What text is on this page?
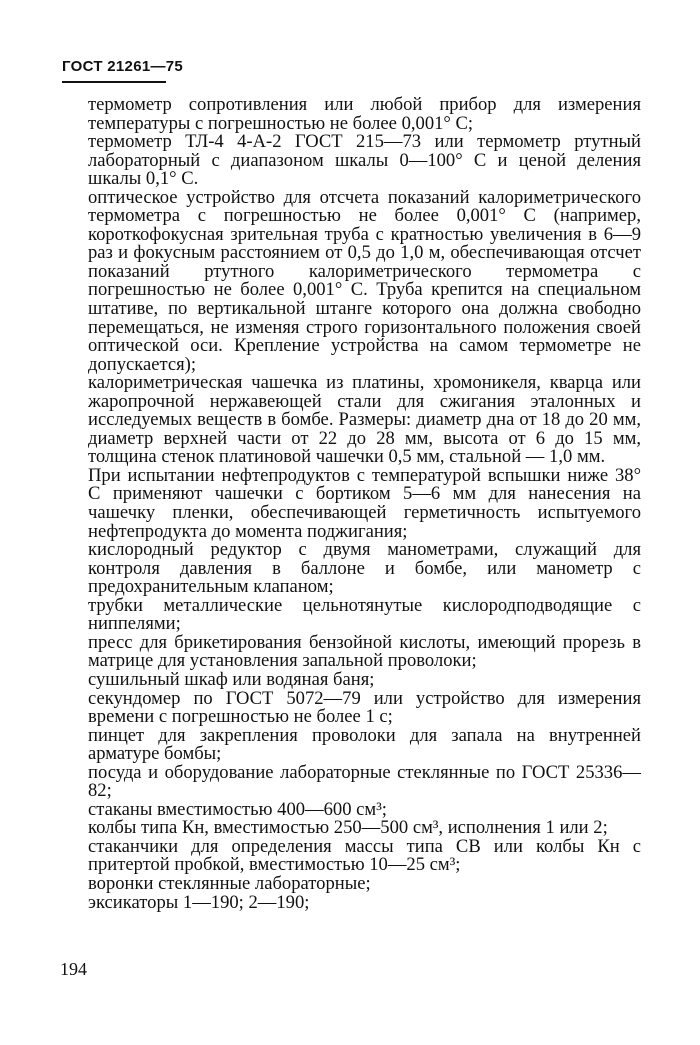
ГОСТ 21261—75

термометр сопротивления или любой прибор для измерения температуры с погрешностью не более 0,001° С;

термометр ТЛ-4 4-А-2 ГОСТ 215—73 или термометр ртутный лабораторный с диапазоном шкалы 0—100° С и ценой деления шкалы 0,1° С.

оптическое устройство для отсчета показаний калориметрического термометра с погрешностью не более 0,001° С (например, короткофокусная зрительная труба с кратностью увеличения в 6—9 раз и фокусным расстоянием от 0,5 до 1,0 м, обеспечивающая отсчет показаний ртутного калориметрического термометра с погрешностью не более 0,001° С. Труба крепится на специальном штативе, по вертикальной штанге которого она должна свободно перемещаться, не изменяя строго горизонтального положения своей оптической оси. Крепление устройства на самом термометре не допускается);

калориметрическая чашечка из платины, хромоникеля, кварца или жаропрочной нержавеющей стали для сжигания эталонных и исследуемых веществ в бомбе. Размеры: диаметр дна от 18 до 20 мм, диаметр верхней части от 22 до 28 мм, высота от 6 до 15 мм, толщина стенок платиновой чашечки 0,5 мм, стальной — 1,0 мм.

При испытании нефтепродуктов с температурой вспышки ниже 38° С применяют чашечки с бортиком 5—6 мм для нанесения на чашечку пленки, обеспечивающей герметичность испытуемого нефтепродукта до момента поджигания;

кислородный редуктор с двумя манометрами, служащий для контроля давления в баллоне и бомбе, или манометр с предохранительным клапаном;

трубки металлические цельнотянутые кислородподводящие с ниппелями;

пресс для брикетирования бензойной кислоты, имеющий прорезь в матрице для установления запальной проволоки;

сушильный шкаф или водяная баня;

секундомер по ГОСТ 5072—79 или устройство для измерения времени с погрешностью не более 1 с;

пинцет для закрепления проволоки для запала на внутренней арматуре бомбы;

посуда и оборудование лабораторные стеклянные по ГОСТ 25336—82;

стаканы вместимостью 400—600 см³;

колбы типа Кн, вместимостью 250—500 см³, исполнения 1 или 2;

стаканчики для определения массы типа СВ или колбы Кн с притертой пробкой, вместимостью 10—25 см³;

воронки стеклянные лабораторные;

эксикаторы 1—190; 2—190;

194
